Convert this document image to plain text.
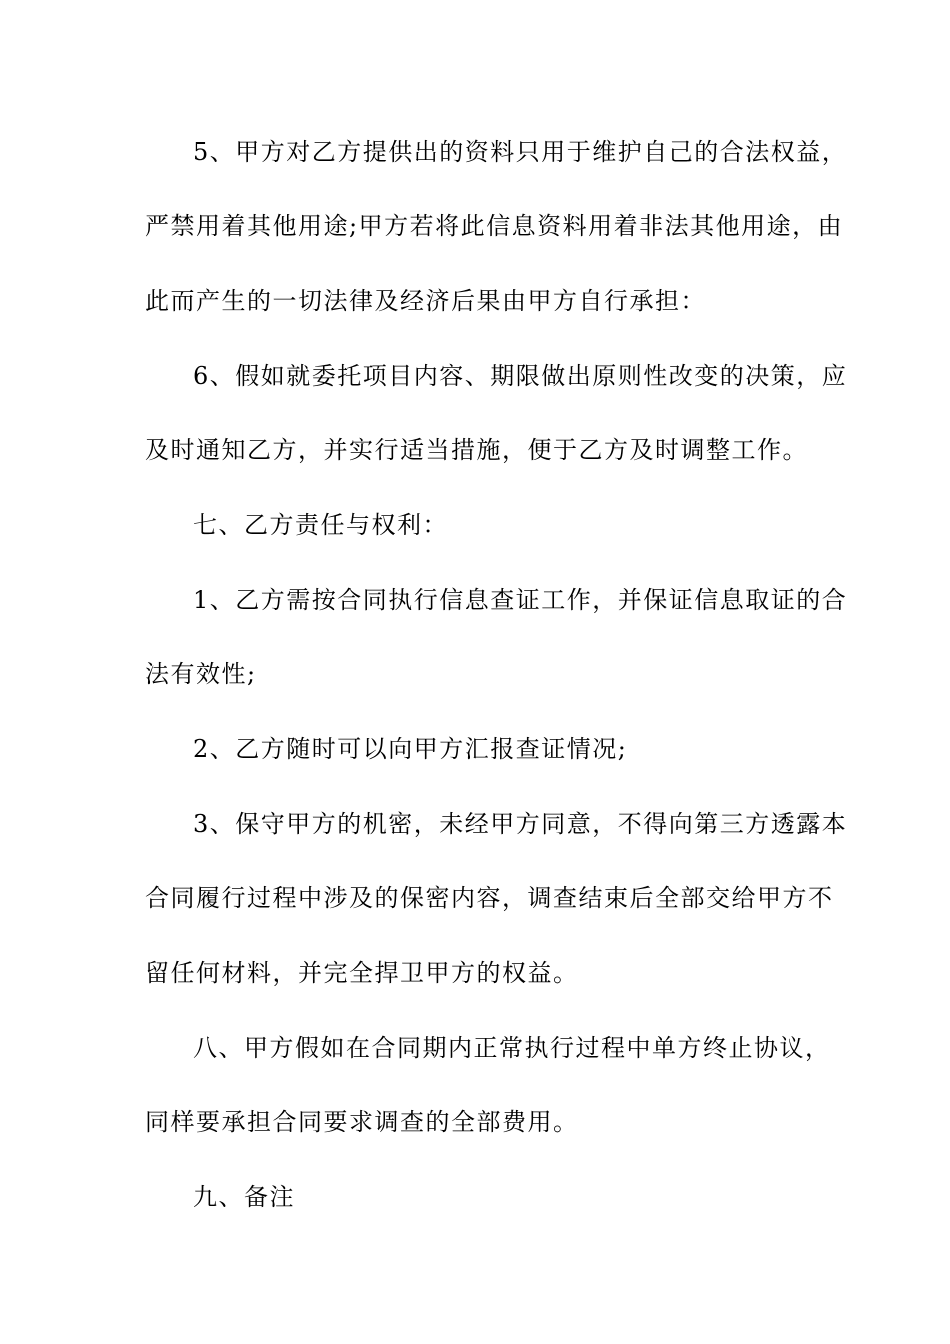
5、甲方对乙方提供出的资料只用于维护自己的合法权益，
严禁用着其他用途;甲方若将此信息资料用着非法其他用途，由
此而产生的一切法律及经济后果由甲方自行承担：
6、假如就委托项目内容、期限做出原则性改变的决策，应
及时通知乙方，并实行适当措施，便于乙方及时调整工作。
七、乙方责任与权利：
1、乙方需按合同执行信息查证工作，并保证信息取证的合
法有效性;
2、乙方随时可以向甲方汇报查证情况;
3、保守甲方的机密，未经甲方同意，不得向第三方透露本
合同履行过程中涉及的保密内容，调查结束后全部交给甲方不
留任何材料，并完全捍卫甲方的权益。
八、甲方假如在合同期内正常执行过程中单方终止协议，
同样要承担合同要求调查的全部费用。
九、备注
